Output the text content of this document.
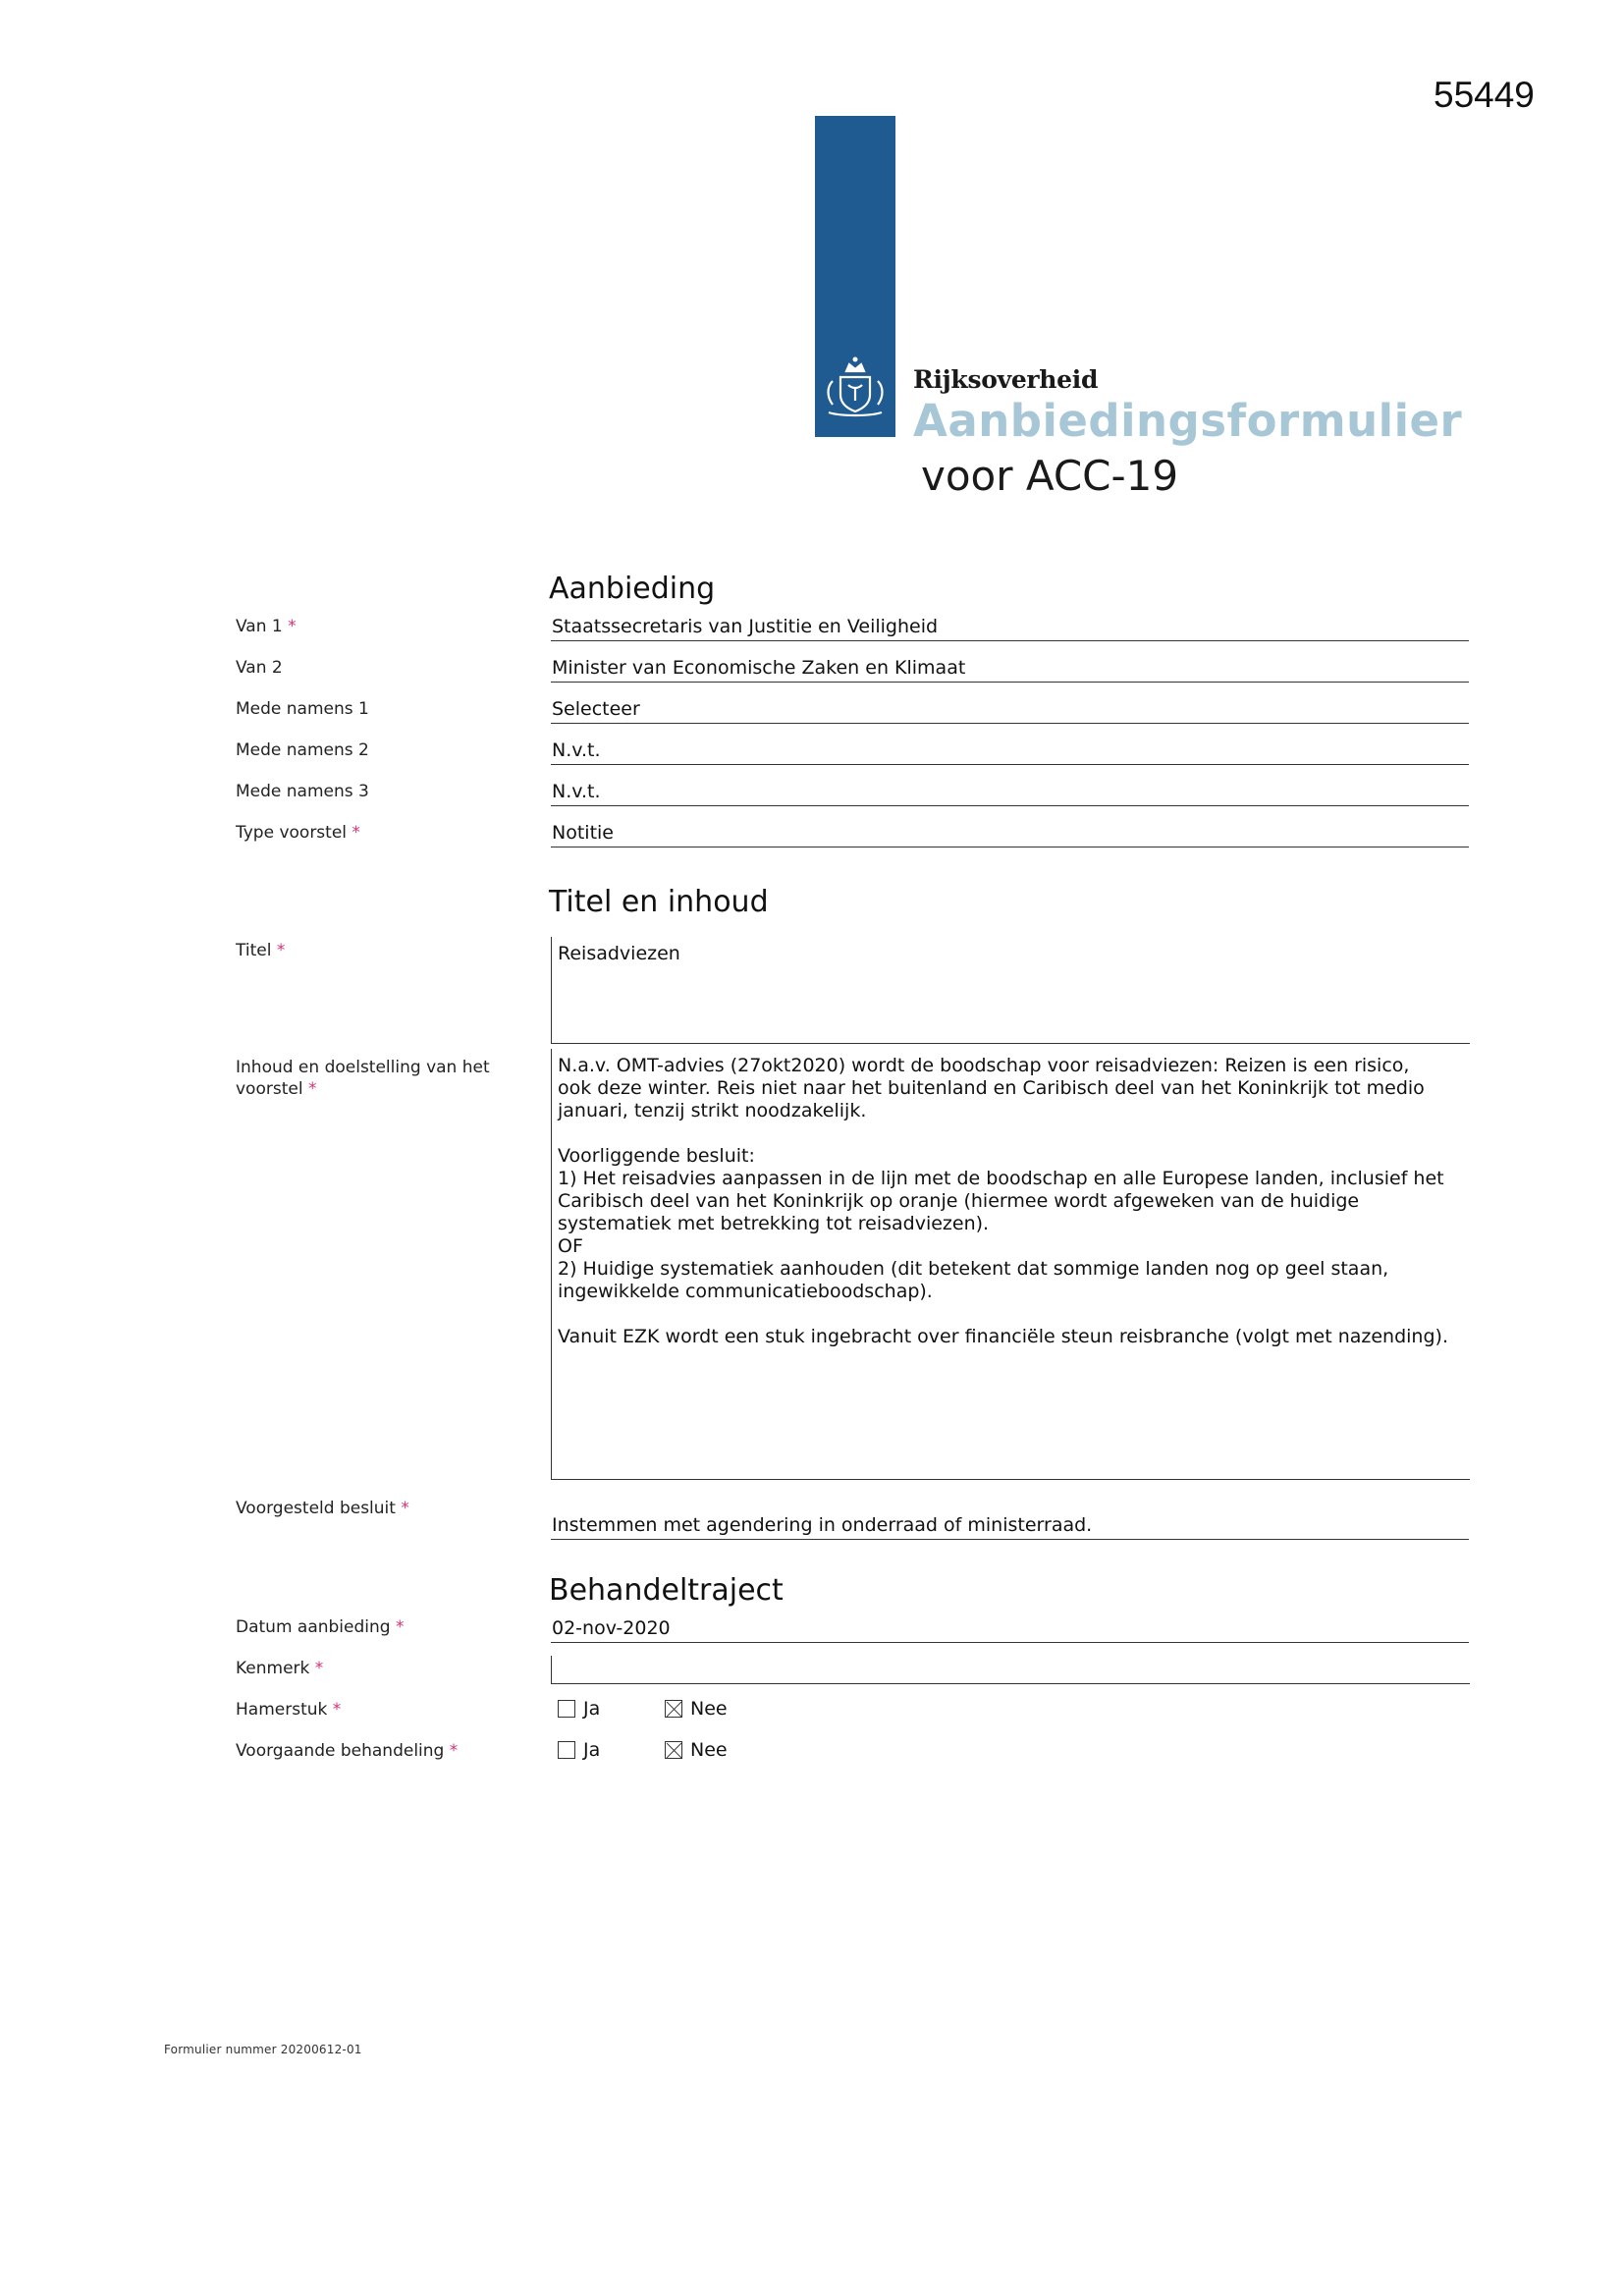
55449
Rijksoverheid
Aanbiedingsformulier
voor ACC-19
Aanbieding
Van 1 *	Staatssecretaris van Justitie en Veiligheid
Van 2	Minister van Economische Zaken en Klimaat
Mede namens 1	Selecteer
Mede namens 2	N.v.t.
Mede namens 3	N.v.t.
Type voorstel *	Notitie
Titel en inhoud
Titel *	Reisadviezen
Inhoud en doelstelling van het
voorstel *
N.a.v. OMT-advies (27okt2020) wordt de boodschap voor reisadviezen: Reizen is een risico,
ook deze winter. Reis niet naar het buitenland en Caribisch deel van het Koninkrijk tot medio
januari, tenzij strikt noodzakelijk.

Voorliggende besluit:
1) Het reisadvies aanpassen in de lijn met de boodschap en alle Europese landen, inclusief het
Caribisch deel van het Koninkrijk op oranje (hiermee wordt afgeweken van de huidige
systematiek met betrekking tot reisadviezen).
OF
2) Huidige systematiek aanhouden (dit betekent dat sommige landen nog op geel staan,
ingewikkelde communicatieboodschap).

Vanuit EZK wordt een stuk ingebracht over financiële steun reisbranche (volgt met nazending).
Voorgesteld besluit *
Instemmen met agendering in onderraad of ministerraad.
Behandeltraject
Datum aanbieding *	02-nov-2020
Kenmerk *
Hamerstuk *	Ja	Nee
Voorgaande behandeling *	Ja	Nee
Formulier nummer 20200612-01
